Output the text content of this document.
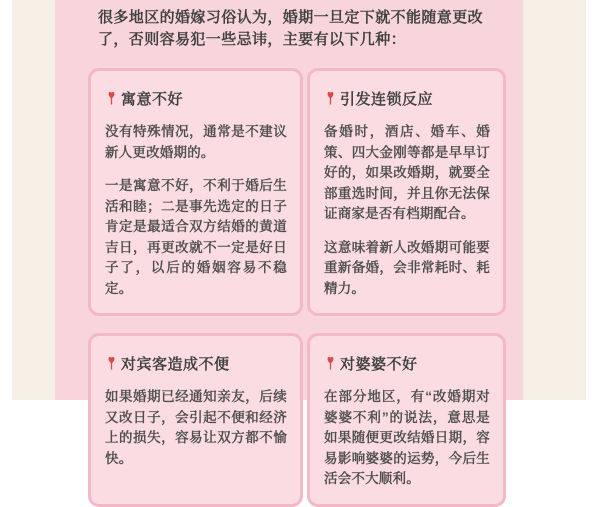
很多地区的婚嫁习俗认为，婚期一旦定下就不能随意更改了，否则容易犯一些忌讳，主要有以下几种：
寓意不好

没有特殊情况，通常是不建议新人更改婚期的。

一是寓意不好，不利于婚后生活和睦；二是事先选定的日子肯定是最适合双方结婚的黄道吉日，再更改就不一定是好日子了，以后的婚姻容易不稳定。

引发连锁反应

备婚时，酒店、婚车、婚策、四大金刚等都是早早订好的，如果改婚期，就要全部重选时间，并且你无法保证商家是否有档期配合。

这意味着新人改婚期可能要重新备婚，会非常耗时、耗精力。

对宾客造成不便

如果婚期已经通知亲友，后续又改日子，会引起不便和经济上的损失，容易让双方都不愉快。

对婆婆不好

在部分地区，有“改婚期对婆婆不利”的说法，意思是如果随便更改结婚日期，容易影响婆婆的运势，今后生活会不大顺利。
